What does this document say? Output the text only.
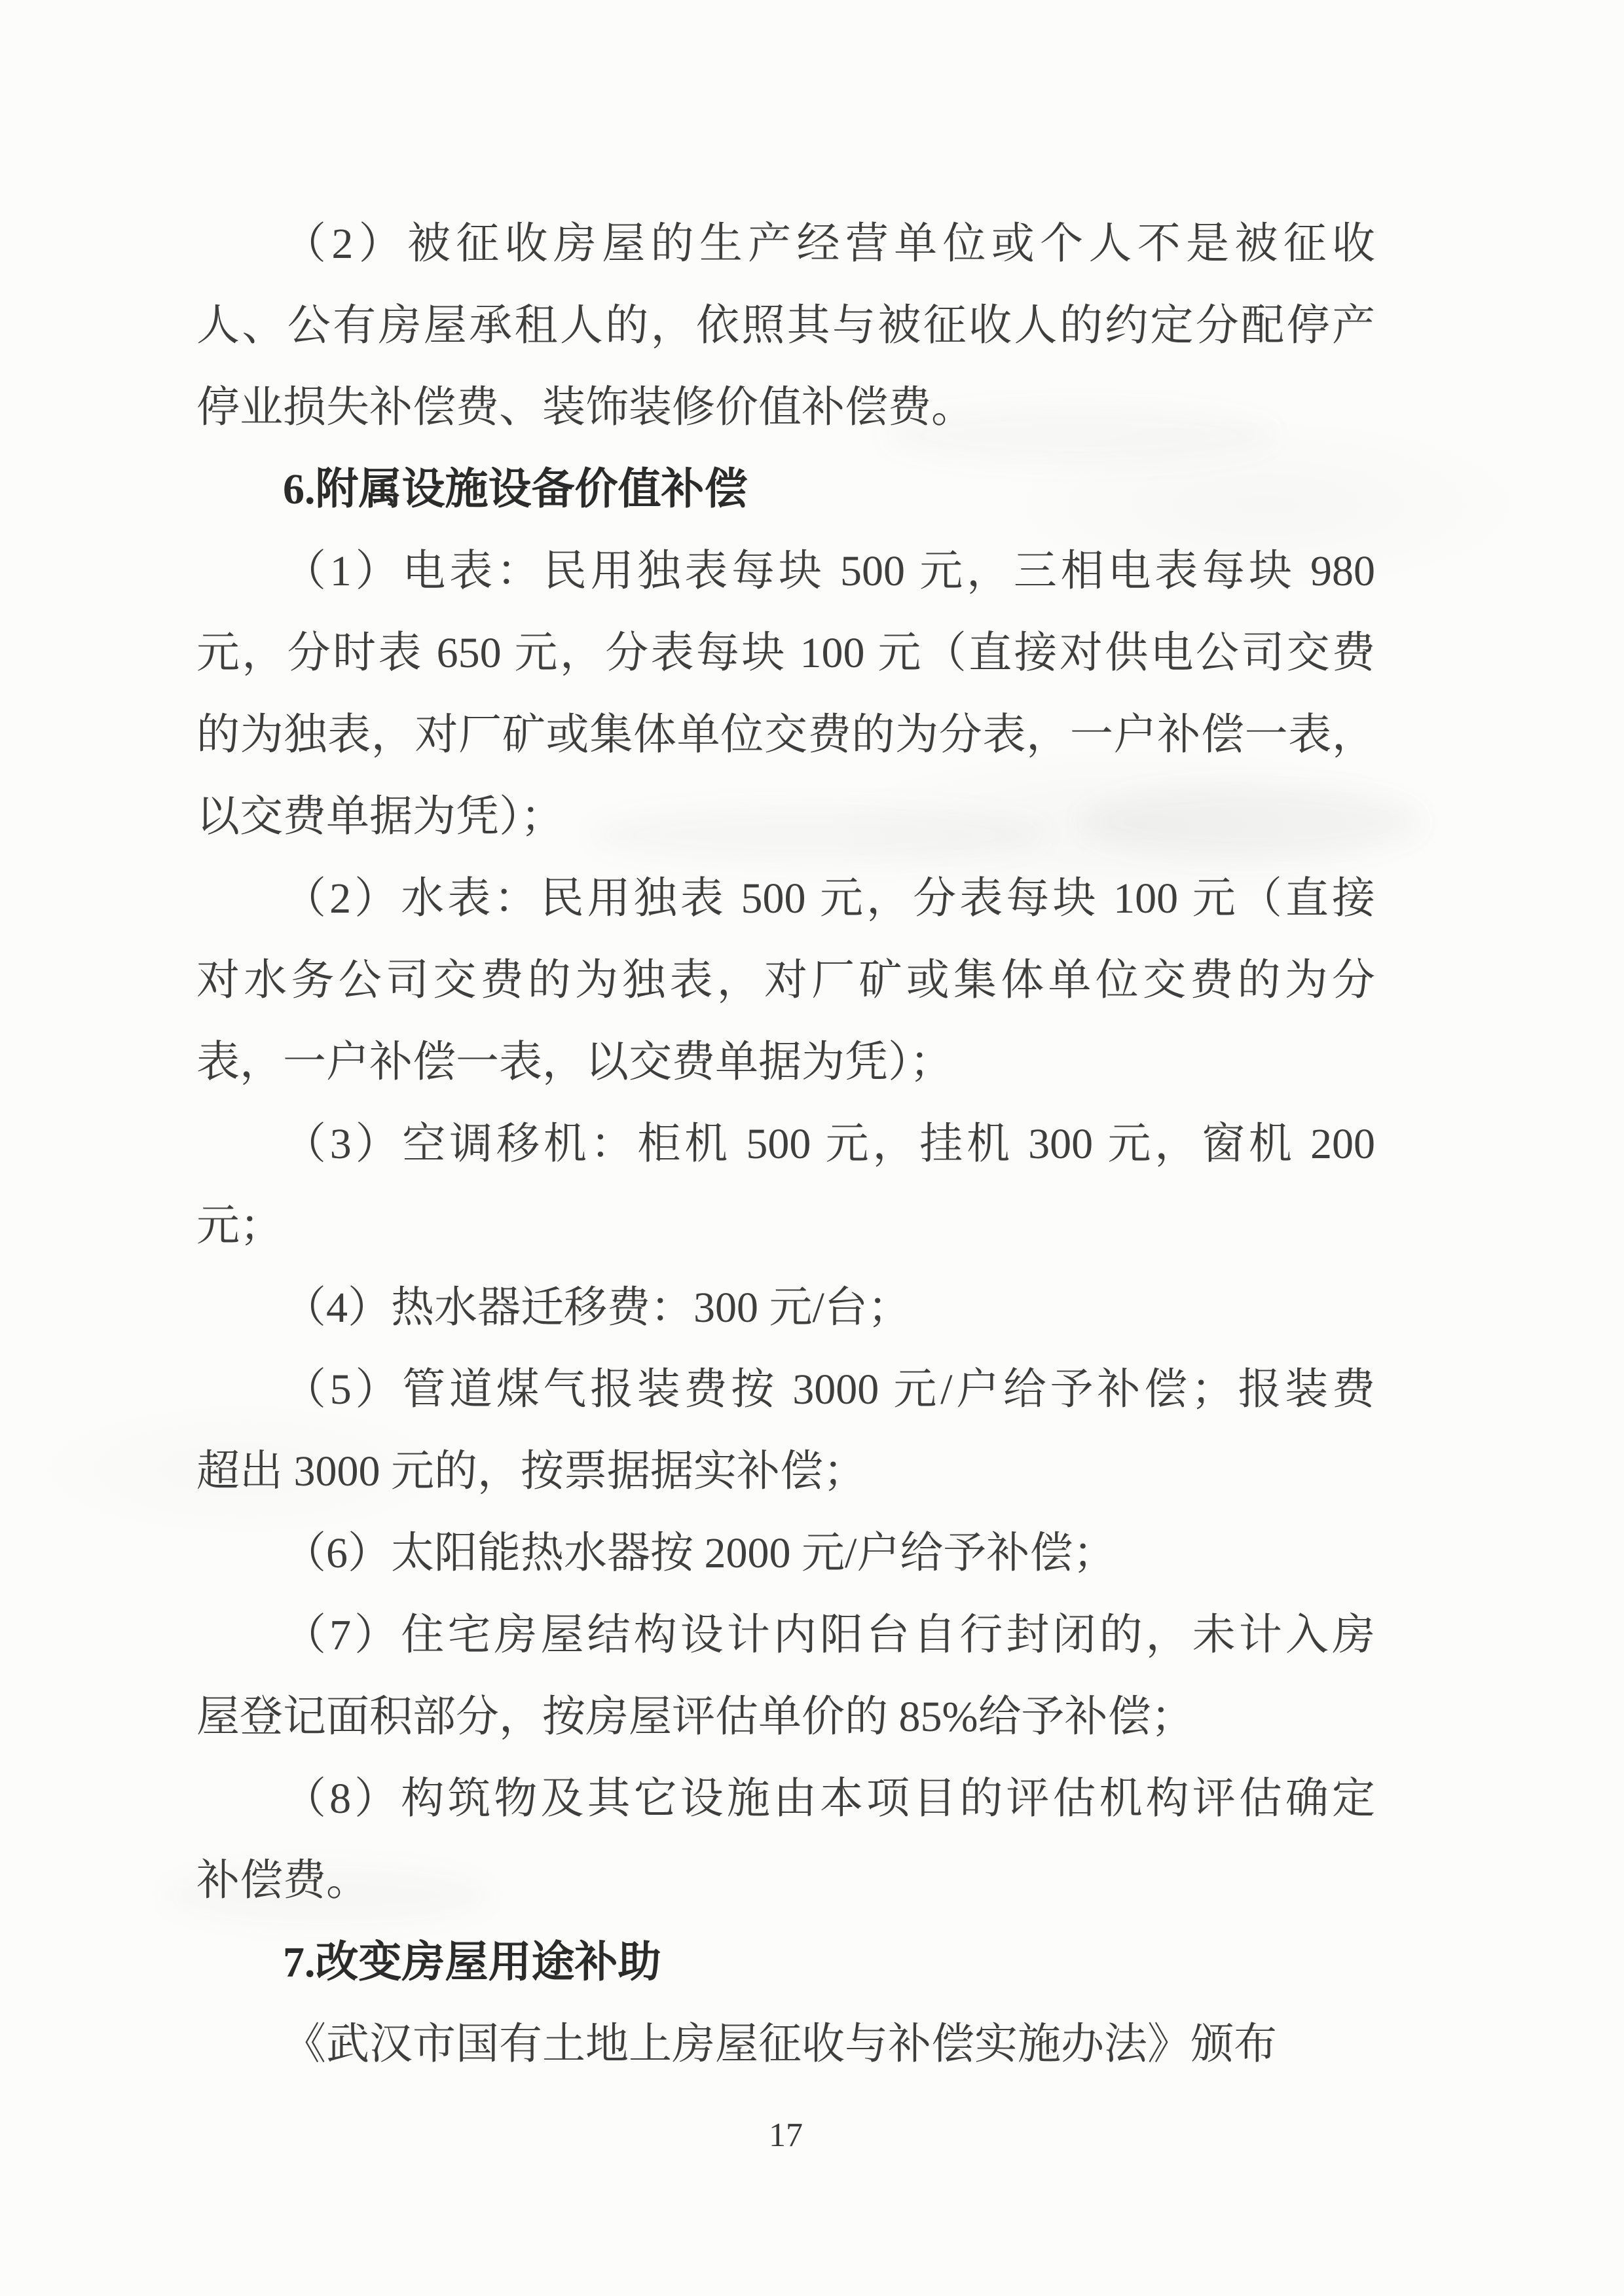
（2）被征收房屋的生产经营单位或个人不是被征收
人、公有房屋承租人的，依照其与被征收人的约定分配停产
停业损失补偿费、装饰装修价值补偿费。
6.附属设施设备价值补偿
（1）电表：民用独表每块 500 元，三相电表每块 980
元，分时表 650 元，分表每块 100 元（直接对供电公司交费
的为独表，对厂矿或集体单位交费的为分表，一户补偿一表，
以交费单据为凭）；
（2）水表：民用独表 500 元，分表每块 100 元（直接
对水务公司交费的为独表，对厂矿或集体单位交费的为分
表，一户补偿一表，以交费单据为凭）；
（3）空调移机：柜机 500 元，挂机 300 元，窗机 200
元；
（4）热水器迁移费：300 元/台；
（5）管道煤气报装费按 3000 元/户给予补偿；报装费
超出 3000 元的，按票据据实补偿；
（6）太阳能热水器按 2000 元/户给予补偿；
（7）住宅房屋结构设计内阳台自行封闭的，未计入房
屋登记面积部分，按房屋评估单价的 85%给予补偿；
（8）构筑物及其它设施由本项目的评估机构评估确定
补偿费。
7.改变房屋用途补助
《武汉市国有土地上房屋征收与补偿实施办法》颁布
17
